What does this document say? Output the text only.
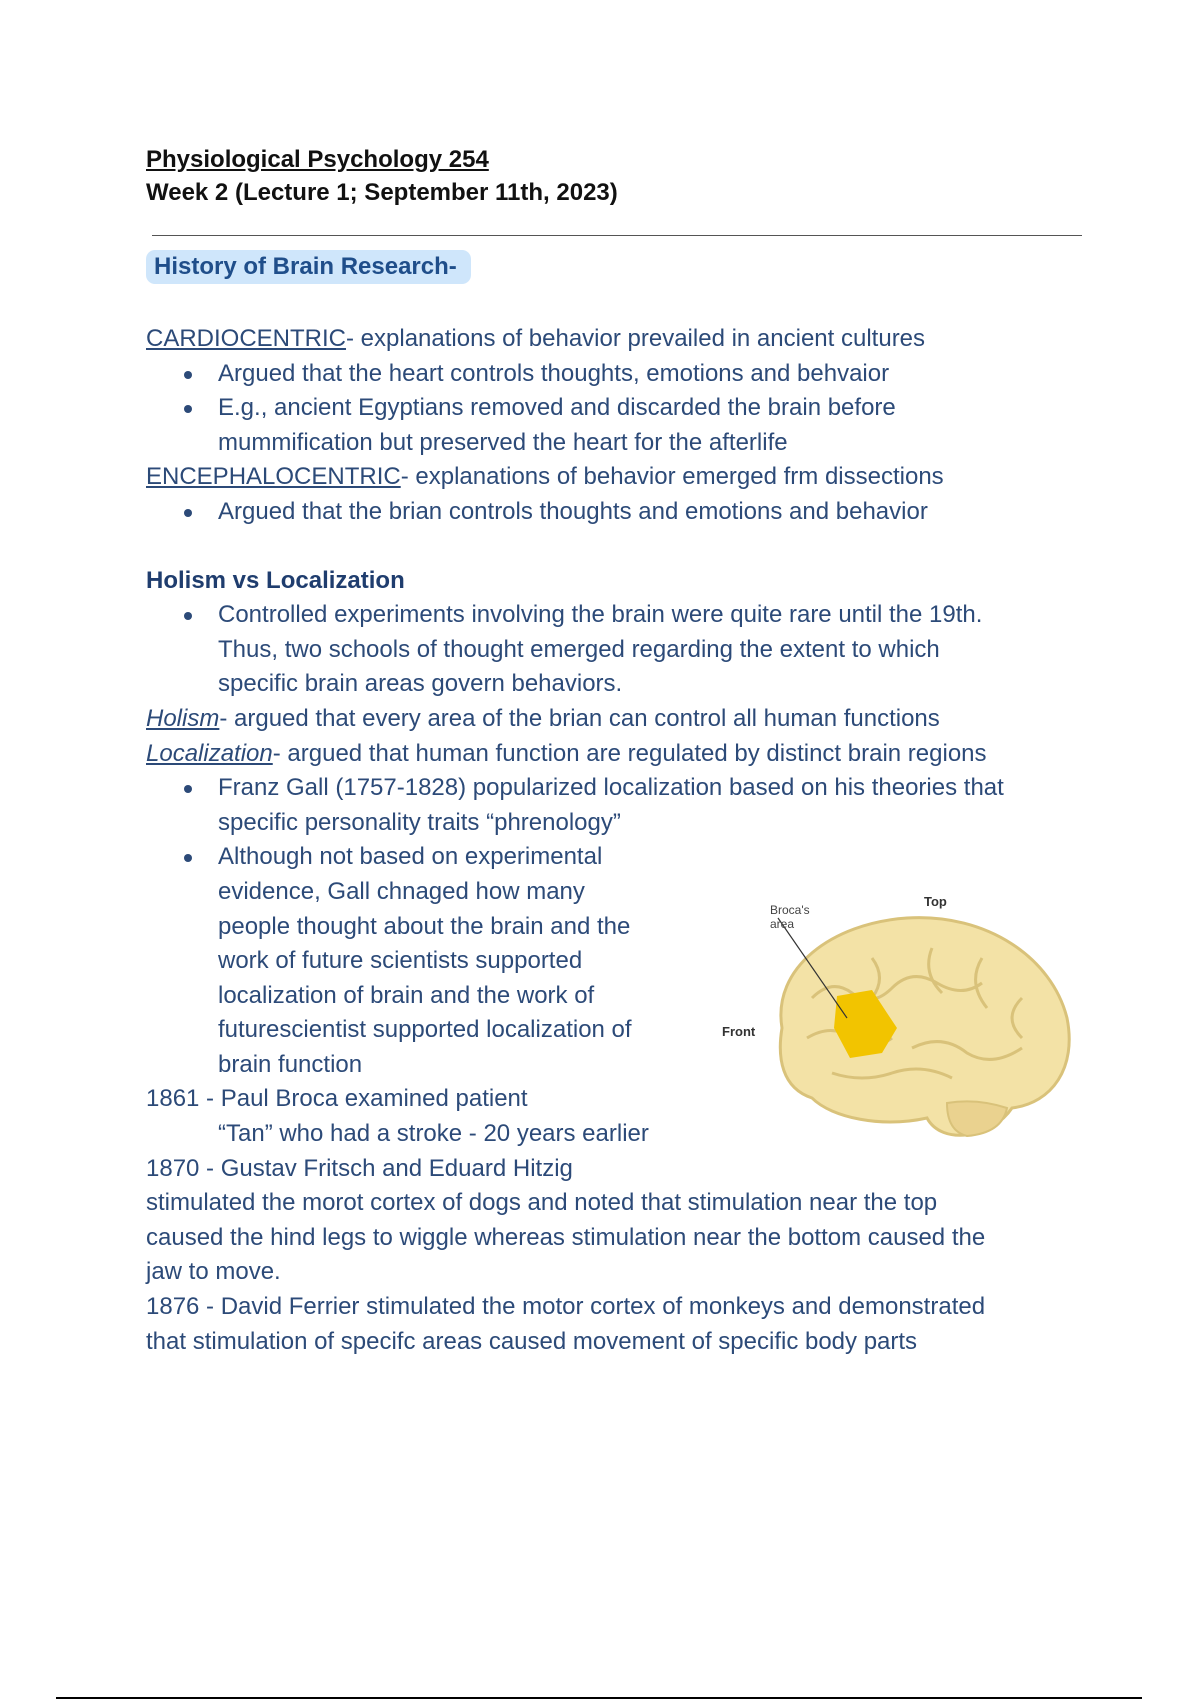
Physiological Psychology 254
Week 2 (Lecture 1; September 11th, 2023)
History of Brain Research-
CARDIOCENTRIC- explanations of behavior prevailed in ancient cultures
Argued that the heart controls thoughts, emotions and behvaior
E.g., ancient Egyptians removed and discarded the brain before
mummification but preserved the heart for the afterlife
ENCEPHALOCENTRIC- explanations of behavior emerged frm dissections
Argued that the brian controls thoughts and emotions and behavior
Holism vs Localization
Controlled experiments involving the brain were quite rare until the 19th.
Thus, two schools of thought emerged regarding the extent to which
specific brain areas govern behaviors.
Holism- argued that every area of the brian can control all human functions
Localization- argued that human function are regulated by distinct brain regions
Franz Gall (1757-1828) popularized localization based on his theories that
specific personality traits “phrenology”
Although not based on experimental
evidence, Gall chnaged how many
people thought about the brain and the
work of future scientists supported
localization of brain and the work of
futurescientist supported localization of
brain function
1861 - Paul Broca examined patient
“Tan” who had a stroke - 20 years earlier
1870 - Gustav Fritsch and Eduard Hitzig
stimulated the morot cortex of dogs and noted that stimulation near the top
caused the hind legs to wiggle whereas stimulation near the bottom caused the
jaw to move.
1876 - David Ferrier stimulated the motor cortex of monkeys and demonstrated
that stimulation of specifc areas caused movement of specific body parts
Broca's
area
Top
Front
